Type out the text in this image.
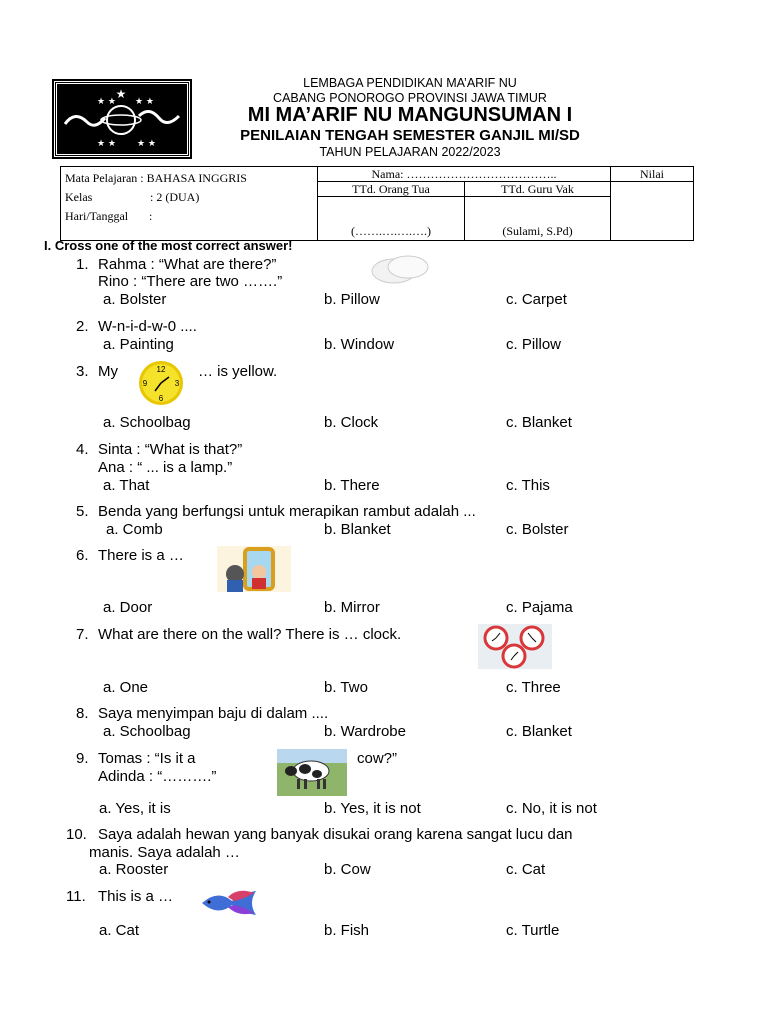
★
★ ★ ★ ★
★ ★ ★ ★
LEMBAGA PENDIDIKAN MA’ARIF NU
CABANG PONOROGO PROVINSI JAWA TIMUR
MI MA’ARIF NU MANGUNSUMAN I
PENILAIAN TENGAH SEMESTER GANJIL MI/SD
TAHUN PELAJARAN 2022/2023
Mata Pelajaran : BAHASA INGGRIS
Kelas	: 2 (DUA)
Hari/Tanggal :

Nama: ………………………………..
TTd. Orang Tua	TTd. Guru Vak
(…….….….….)	(Sulami, S.Pd)

Nilai
I. Cross one of the most correct answer!
1. Rahma : “What are there?”
Rino : “There are two …….”
a. Bolster	b. Pillow	c. Carpet
2. W-n-i-d-w-0 ....
a. Painting	b. Window	c. Pillow
3. My	12
3
6
9
… is yellow.
a. Schoolbag	b. Clock	c. Blanket
4. Sinta : “What is that?”
Ana : “ ... is a lamp.”
a. That	b. There	c. This
5. Benda yang berfungsi untuk merapikan rambut adalah ...
a. Comb	b. Blanket	c. Bolster
6. There is a …
a. Door	b. Mirror	c. Pajama
7. What are there on the wall? There is … clock.
a. One	b. Two	c. Three
8. Saya menyimpan baju di dalam ....
a. Schoolbag	b. Wardrobe	c. Blanket
9. Tomas : “Is it a	cow?”
Adinda : “……….”
a. Yes, it is	b. Yes, it is not	c. No, it is not
10. Saya adalah hewan yang banyak disukai orang karena sangat lucu dan
manis. Saya adalah …
a. Rooster	b. Cow	c. Cat
11. This is a …
a. Cat	b. Fish	c. Turtle
